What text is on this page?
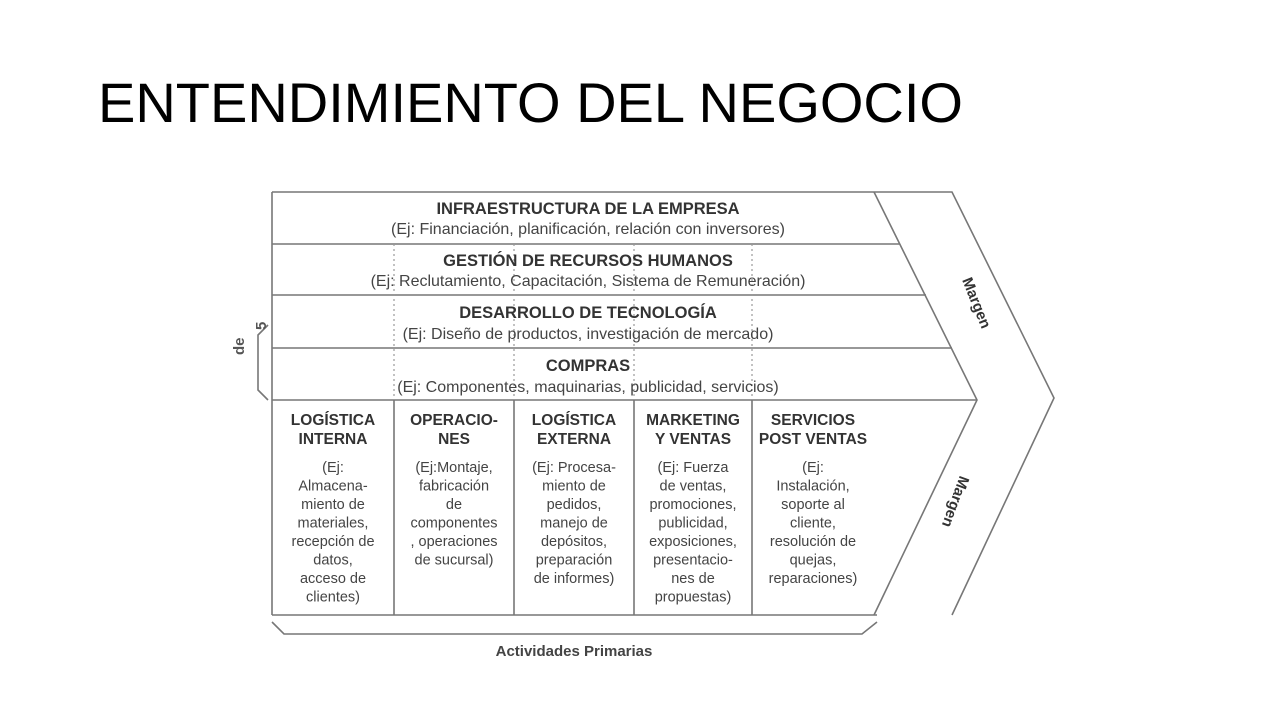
ENTENDIMIENTO DEL NEGOCIO
INFRAESTRUCTURA DE LA EMPRESA
(Ej: Financiación, planificación, relación con inversores)
GESTIÓN DE RECURSOS HUMANOS
(Ej: Reclutamiento, Capacitación, Sistema de Remuneración)
DESARROLLO DE TECNOLOGÍA
(Ej: Diseño de productos, investigación de mercado)
COMPRAS
(Ej: Componentes, maquinarias, publicidad, servicios)
LOGÍSTICA
INTERNA
(Ej:
Almacena-
miento de
materiales,
recepción de
datos,
acceso de
clientes)
OPERACIO-
NES
(Ej:Montaje,
fabricación
de
componentes
, operaciones
de sucursal)
LOGÍSTICA
EXTERNA
(Ej: Procesa-
miento de
pedidos,
manejo de
depósitos,
preparación
de informes)
MARKETING
Y VENTAS
(Ej: Fuerza
de ventas,
promociones,
publicidad,
exposiciones,
presentacio-
nes de
propuestas)
SERVICIOS
POST VENTAS
(Ej:
Instalación,
soporte al
cliente,
resolución de
quejas,
reparaciones)
Margen
Margen
de
5
Actividades Primarias
